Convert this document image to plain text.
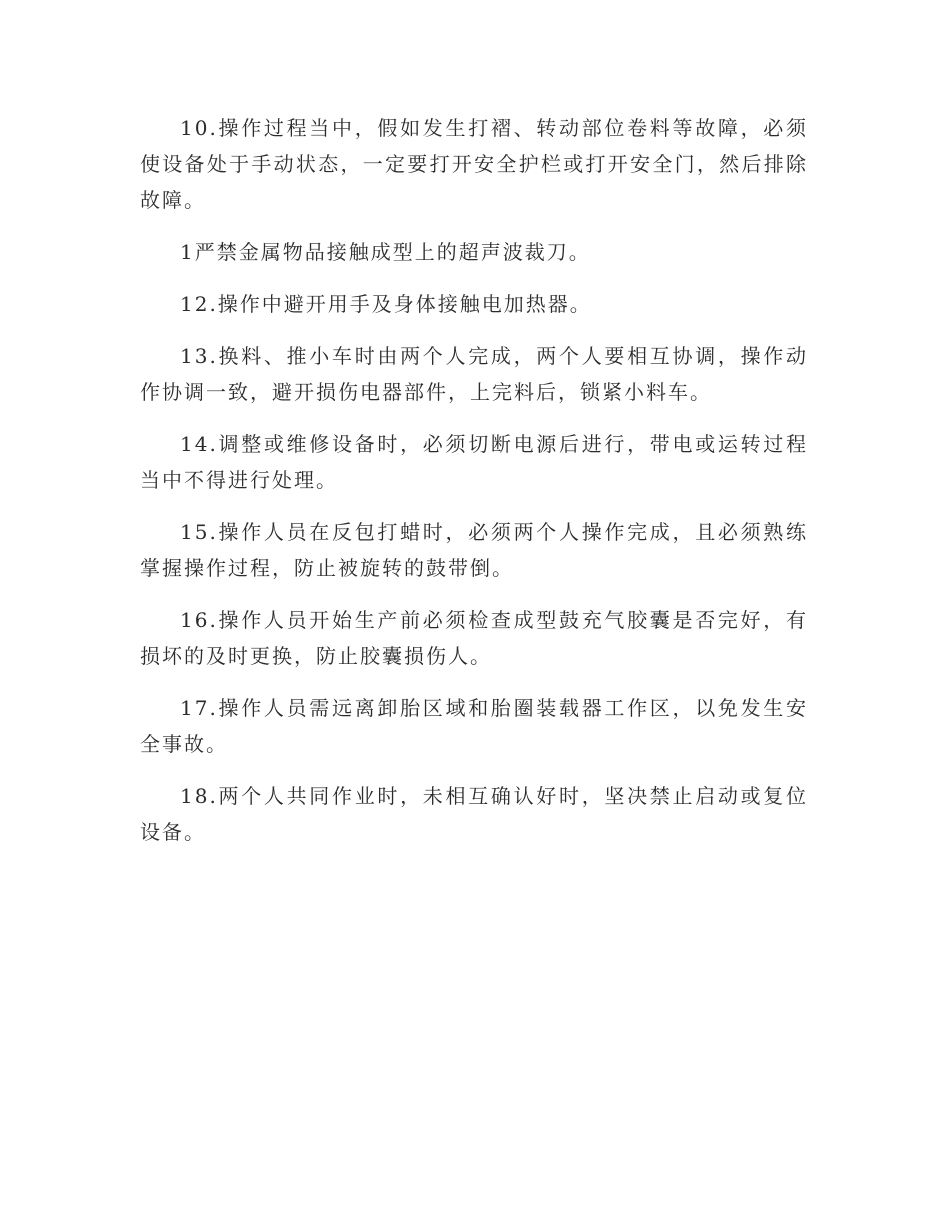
10.操作过程当中，假如发生打褶、转动部位卷料等故障，必须使设备处于手动状态，一定要打开安全护栏或打开安全门，然后排除故障。

1严禁金属物品接触成型上的超声波裁刀。

12.操作中避开用手及身体接触电加热器。

13.换料、推小车时由两个人完成，两个人要相互协调，操作动作协调一致，避开损伤电器部件，上完料后，锁紧小料车。

14.调整或维修设备时，必须切断电源后进行，带电或运转过程当中不得进行处理。

15.操作人员在反包打蜡时，必须两个人操作完成，且必须熟练掌握操作过程，防止被旋转的鼓带倒。

16.操作人员开始生产前必须检查成型鼓充气胶囊是否完好，有损坏的及时更换，防止胶囊损伤人。

17.操作人员需远离卸胎区域和胎圈装载器工作区，以免发生安全事故。

18.两个人共同作业时，未相互确认好时，坚决禁止启动或复位设备。
